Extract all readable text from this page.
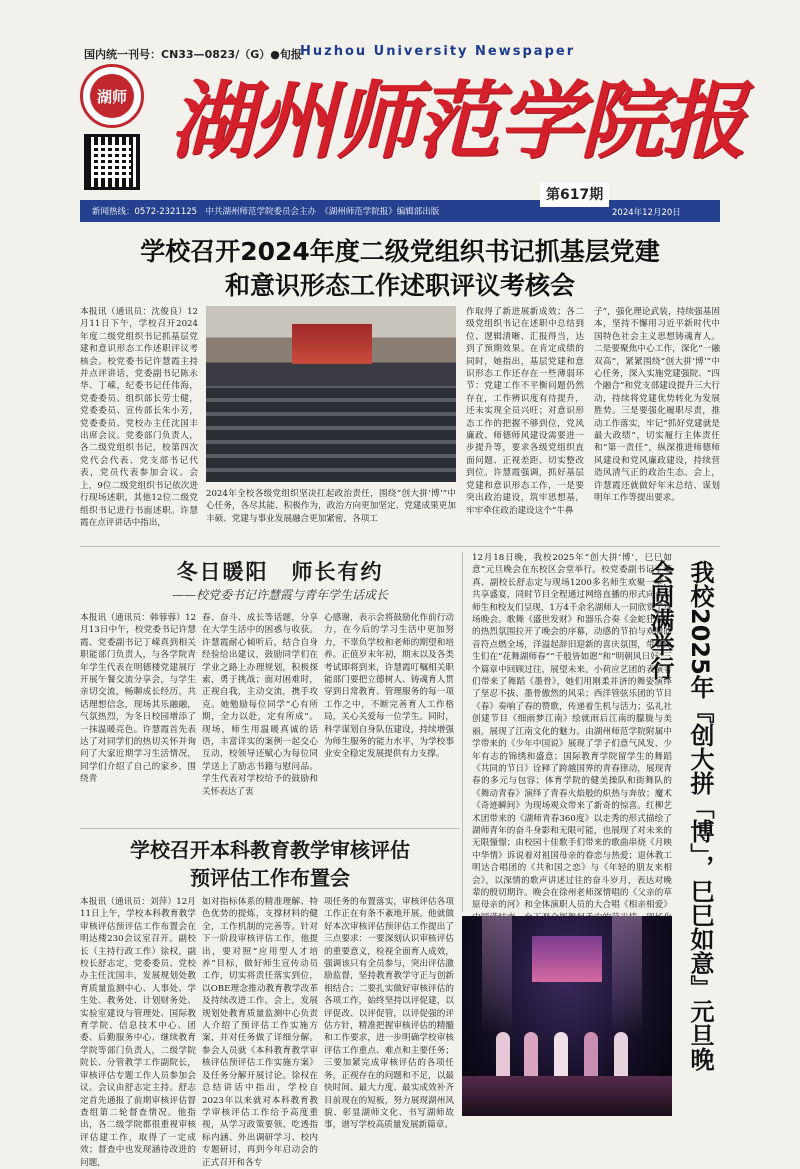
国内统一刊号：CN33—0823/（G）●旬报
Huzhou University Newspaper
湖师 湖州师范学院报
新闻热线：0572-2321125　中共湖州师范学院委员会主办　《湖州师范学院报》编辑部出版
第617期
2024年12月20日
学校召开2024年度二级党组织书记抓基层党建
和意识形态工作述职评议考核会
本报讯（通讯员：沈俊良）12月11日下午，学校召开2024年度二级党组织书记抓基层党建和意识形态工作述职评议考核会。校党委书记许慧霞主持并点评讲话，党委副书记陈永华、丁嵘，纪委书记任伟海，党委委员、组织部长劳士健，党委委员、宣传部长朱小芳，党委委员、党校办主任沈国丰出席会议。党委部门负责人，各二级党组织书记，校第四次党代会代表、党支部书记代表，党员代表参加会议。会上，9位二级党组织书记依次进行现场述职，其他12位二级党组织书记进行书面述职。许慧霞在点评讲话中指出，
2024年全校各级党组织坚决扛起政治责任，围绕“创大拼‘博’”中心任务，各尽其能、积极作为，政治方向更加坚定、党建成果更加丰硕、党建与事业发展融合更加紧密，各项工
作取得了新进展新成效；各二级党组织书记在述职中总结到位、逻辑清晰、汇报得当，达到了预期效果。在肯定成绩的同时，她指出，基层党建和意识形态工作还存在一些薄弱环节：党建工作不平衡问题仍然存在，工作辨识度有待提升，还未实现全员兴旺；对意识形态工作的把握不够到位，党风廉政、师德师风建设需要进一步提升等，要求各级党组织直面问题、正视差距、切实整改到位。许慧霞强调，抓好基层党建和意识形态工作，一是要突出政治建设，筑牢思想基，牢牢牵住政治建设这个“牛鼻
子”，强化理论武装，持续强基固本，坚持不懈用习近平新时代中国特色社会主义思想铸魂育人。二是要聚焦中心工作，深化“一融双高”，紧紧围绕“创大拼‘博’”中心任务，深入实施党建强院、“四个融合”和党支部建设提升三大行动，持续将党建优势转化为发展胜势。三是要强化履职尽责，推动工作落实，牢记“抓好党建就是最大政绩”，切实履行主体责任和“第一责任”，纵深推进师德师风建设和党风廉政建设，持续营造风清气正的政治生态。会上，许慧霞还就做好年末总结、谋划明年工作等提出要求。
冬日暖阳　师长有约
——校党委书记许慧霞与青年学生话成长
本报讯（通讯员：韩蓉蓉）12月13日中午，校党委书记许慧霞、党委副书记丁嵘真到相关职能部门负责人，与各学院青年学生代表在明德楼党建展厅开展午餐交流分享会，与学生亲切交流，畅聊成长经历，共话理想信念，现场其乐融融，气氛热烈，为冬日校园增添了一抹温暖亮色。许慧霞首先表达了对同学们的热切关怀并询问了大家近期学习生活情况，同学们介绍了自己的家乡，围绕青
春、奋斗、成长等话题，分享在大学生活中的困惑与收获。许慧霞耐心倾听后，结合自身经验给出建议，鼓励同学们在学业之路上办理规划，积极探索，勇于挑战；面对困难时，正视自我，主动交流，携手攻克。她勉励每位同学“心有所期，全力以赴，定有所成”。现场，师生用温暖真诚的话语，丰富详实的案例一起交心互动，校领导还赋心为每位同学送上了励志书籍与慰问品。学生代表对学校给予的鼓励和关怀表达了衷
心感谢，表示会将鼓励化作前行动力，在今后的学习生活中更加努力，不辜负学校和老师的期望和培养。正值岁末年初，期末以及各类考试即将到来，许慧霞叮嘱相关职能部门要把立德树人、铸魂育人贯穿到日常教育、管理服务的每一项工作之中，不断完善育人工作格局，关心关爱每一位学生。同时，科学谋划自身队伍建设，持续增强为师生服务的能力水平，为学校事业安全稳定发展提供有力支撑。
学校召开本科教育教学审核评估
预评估工作布置会
本报讯（通讯员：刘萍）12月11日上午，学校本科教育教学审核评估预评估工作布置会在明达楼230会议室召开。副校长（主持行政工作）徐权，副校长舒志定，党委委员、党校办主任沈国丰，发展规划处教育质量监测中心、人事处、学生处、教务处、计划财务处、实验室建设与管理处、国际教育学院、信息技术中心、团委、后勤服务中心、继续教育学院等部门负责人，二级学院院长、分管教学工作副院长，审核评估专题工作人员参加会议。会议由舒志定主持。舒志定首先通报了前期审核评估督查组第二轮督查情况。他指出，各二级学院都很重视审核评估建工作，取得了一定成效；督查中也发现涵待改进的问题，
如对指标体系的精准理解、特色优势的提炼，支撑材料的健全，工作机制的完善等。针对下一阶段审核评估工作，他提出，要对照“应用型人才培养”目标，做好师生宣传动员工作，切实将责任落实到位，以OBE理念推动教育教学改革及持续改进工作。会上，发展规划处教育质量监测中心负责人介绍了预评估工作实施方案，并对任务做了详细分解。参会人员就《本科教育教学审核评估预评估工作实施方案》及任务分解开展讨论。徐权在总结讲话中指出，学校自2023年以来就对本科教育教学审核评估工作给予高度重视，从学习政策要领、吃透指标内涵、外出调研学习、校内专题研讨，再到今年启动会的正式召开和各专
项任务的布置落实，审核评估各项工作正在有条不紊地开展。他就做好本次审核评估预评估工作提出了三点要求：一要深刻认识审核评估的重要意义，检视全面育人成效，强调该只有全员参与，突出评估激励监督，坚持教育教学守正与创新相结合；二要扎实做好审核评估的各项工作，始终坚持以评促建，以评促改、以评促管，以评促强的评估方针，精准把握审核评估的精髓和工作要求，进一步明确学校审核评估工作重点、难点和主要任务；三要加紧完成审核评估的各项任务，正视存在的问题和不足，以最快时间、最大力度、最实成效补齐目前现在的短板，努力展现湖州风貌、彰显湖师文化、书写湖师故事，谱写学校高质量发展新篇章。
12月18日晚，我校2025年“创大拼‘博’，巳巳如意”元旦晚会在东校区会堂举行。校党委副书记丁嵘真、副校长舒志定与现场1200多名师生欢聚一堂，共享盛宴，同时节目全程通过网络直播的形式向全校师生和校友们呈现，1万4千余名湖师人一同欣赏了这场晚会。歌舞《盛世发财》和器乐合奏《金蛇狂舞》的热烈氛围拉开了晚会的序幕，动感的节拍与欢腾的音符点燃全场，洋溢起辞旧迎新的喜庆氛围，带领师生们在“花舞湖师春”“千般皆如愿”和“明朝风日好”三个篇章中回顾过往，展望未来。小荷应艺团的表演者们带来了舞蹈《墨骨》，她们用刚柔并济的舞姿演绎了坚忍不拔、墨骨傲然的风采；西洋管弦乐团的节目《春》奏响了春的赞歌，传递着生机与活力；弘礼社创建节目《细雨梦江南》绘就雨后江南的朦胧与美丽，展现了江南文化的魅力。由湖州师范学院附属中学带来的《少年中国说》展现了学子们意气风发、少年有志的锦绣和盛意；国际教育学院留学生的舞蹈《共同的节日》诠释了跨越国界的青春律动，展现青春的多元与包容；体育学院的健美操队和街舞队的《舞动青春》演绎了青春火焰般的炽热与奔放；魔术《奇迹瞬间》为现场观众带来了新奇的惊喜。红柳艺术团带来的《湖师青春360度》以走秀的形式描绘了湖师青年的奋斗身影和无限可能，也展现了对未来的无限憧憬；由校园十佳歌手们带来的歌曲串烧《月映中华情》诉说着对祖国母亲的眷恋与热爱；退休教工明达合唱团的《共和国之恋》与《年轻的朋友来相会》，以深情的歌声讲述过往的奋斗岁月，表达对晚辈的殷切期许。晚会在徐州老师深情唱的《父亲的草原母亲的河》和全体演职人员的大合唱《相亲相爱》 我校2025年『创大拼「博」，巳巳如意』元旦晚会圆满举行
